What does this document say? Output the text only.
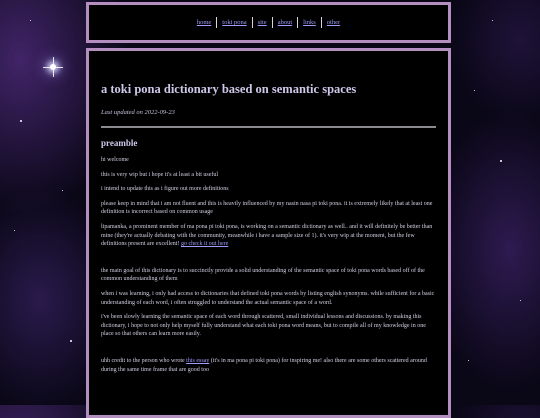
home	toki pona	site	about	links	other
a toki pona dictionary based on semantic spaces
Last updated on 2022-09-23
preamble

hi welcome

this is very wip but i hope it's at least a bit useful

i intend to update this as i figure out more definitions

please keep in mind that i am not fluent and this is heavily influenced by my nasin nasa pi toki pona. it is extremely likely that at least one definition is incorrect based on common usage

lipamanka, a prominent member of ma pona pi toki pona, is working on a semantic dictionary as well.. and it will definitely be better than mine (they're actually debating with the community, meanwhile i have a sample size of 1). it's very wip at the moment, but the few definitions present are excellent! go check it out here

the main goal of this dictionary is to succinctly provide a solid understanding of the semantic space of toki pona words based off of the common understanding of them

when i was learning, i only had access to dictionaries that defined toki pona words by listing english synonyms. while sufficient for a basic understanding of each word, i often struggled to understand the actual semantic space of a word.

i've been slowly learning the semantic space of each word through scattered, small individual lessons and discussions. by making this dictionary, i hope to not only help myself fully understand what each toki pona word means, but to compile all of my knowledge in one place so that others can learn more easily.

uhh credit to the person who wrote this essay (it's in ma pona pi toki pona) for inspiring me! also there are some others scattered around during the same time frame that are good too
